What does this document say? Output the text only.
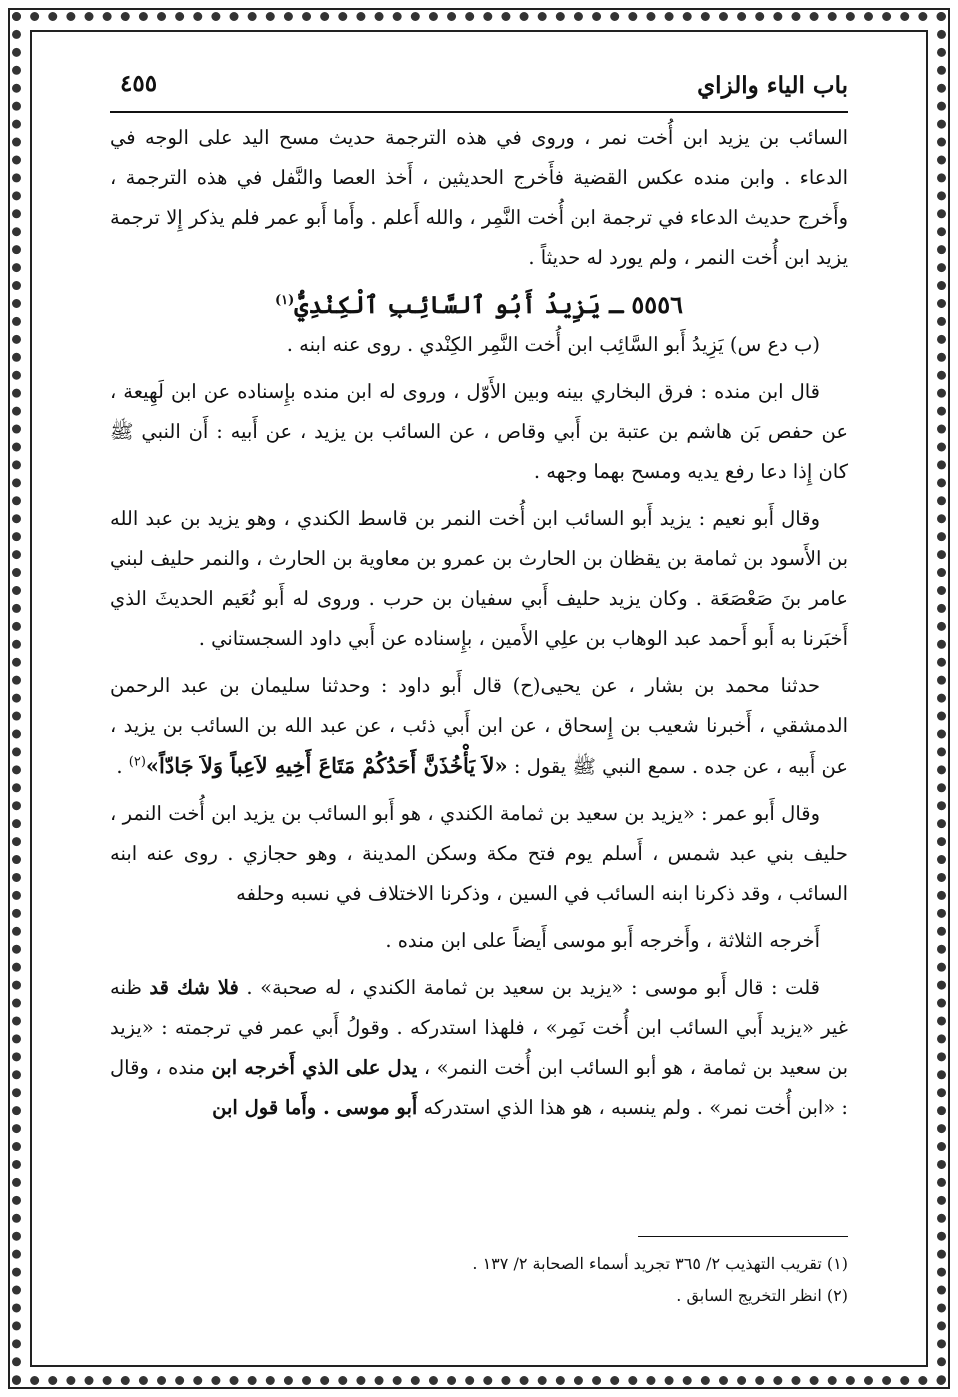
باب الياء والزاي
٤٥٥

السائب بن يزيد ابن أُخت نمر ، وروى في هذه الترجمة حديث مسح اليد على الوجه في الدعاء . وابن منده عكس القضية فأَخرج الحديثين ، أَخذ العصا والنَّفل في هذه الترجمة ، وأَخرج حديث الدعاء في ترجمة ابن أُخت النَّمِر ، والله أَعلم . وأَما أَبو عمر فلم يذكر إِلا ترجمة يزيد ابن أُخت النمر ، ولم يورد له حديثاً .

٥٥٥٦ ـ يَزِيدُ أَبُو ٱلسَّائِبِ ٱلْكِنْدِيُّ$^{(١)}$

(ب دع س) يَزِيدُ أَبو السَّائِب ابن أُخت النَّمِر الكِنْدي . روى عنه ابنه .

قال ابن منده : فرق البخاري بينه وبين الأَوّل ، وروى له ابن منده بإِسناده عن ابن لَهِيعة ، عن حفص بَن هاشم بن عتبة بن أَبي وقاص ، عن السائب بن يزيد ، عن أَبيه : أَن النبي ﷺ كان إِذا دعا رفع يديه ومسح بهما وجهه .

وقال أَبو نعيم : يزيد أَبو السائب ابن أُخت النمر بن قاسط الكندي ، وهو يزيد بن عبد الله بن الأَسود بن ثمامة بن يقظان بن الحارث بن عمرو بن معاوية بن الحارث ، والنمر حليف لبني عامر بنَ صَعْصَعَة . وكان يزيد حليف أَبي سفيان بن حرب . وروى له أَبو نُعَيم الحديثَ الذي أَخبَرنا به أَبو أَحمد عبد الوهاب بن علِي الأَمين ، بإِسناده عن أَبي داود السجستاني .

حدثنا محمد بن بشار ، عن يحيى(ح) قال أَبو داود : وحدثنا سليمان بن عبد الرحمن الدمشقي ، أَخبرنا شعيب بن إِسحاق ، عن ابن أَبي ذئب ، عن عبد الله بن السائب بن يزيد ، عن أَبيه ، عن جده . سمع النبي ﷺ يقول : «لاَ يَأْخُذَنَّ أَحَدُكُمْ مَتَاعَ أَخِيهِ لاَعِباً وَلاَ جَادّاً»$^{(٢)}$ .

وقال أَبو عمر : «يزيد بن سعيد بن ثمامة الكندي ، هو أَبو السائب بن يزيد ابن أُخت النمر ، حليف بني عبد شمس ، أَسلم يوم فتح مكة وسكن المدينة ، وهو حجازي . روى عنه ابنه السائب ، وقد ذكرنا ابنه السائب في السين ، وذكرنا الاختلاف في نسبه وحلفه

أَخرجه الثلاثة ، وأَخرجه أَبو موسى أَيضاً على ابن منده .

قلت : قال أَبو موسى : «يزيد بن سعيد بن ثمامة الكندي ، له صحبة» . فلا شك قد ظنه غير «يزيد أَبي السائب ابن أُخت نَمِر» ، فلهذا استدركه . وقولُ أَبي عمر في ترجمته : «يزيد بن سعيد بن ثمامة ، هو أبو السائب ابن أُخت النمر» ، يدل على الذي أَخرجه ابن منده ، وقال : «ابن أُخت نمر» . ولم ينسبه ، هو هذا الذي استدركه أَبو موسى . وأَما قول ابن

(١) تقريب التهذيب ٢/ ٣٦٥ تجريد أسماء الصحابة ٢/ ١٣٧ .
(٢) انظر التخريج السابق .
